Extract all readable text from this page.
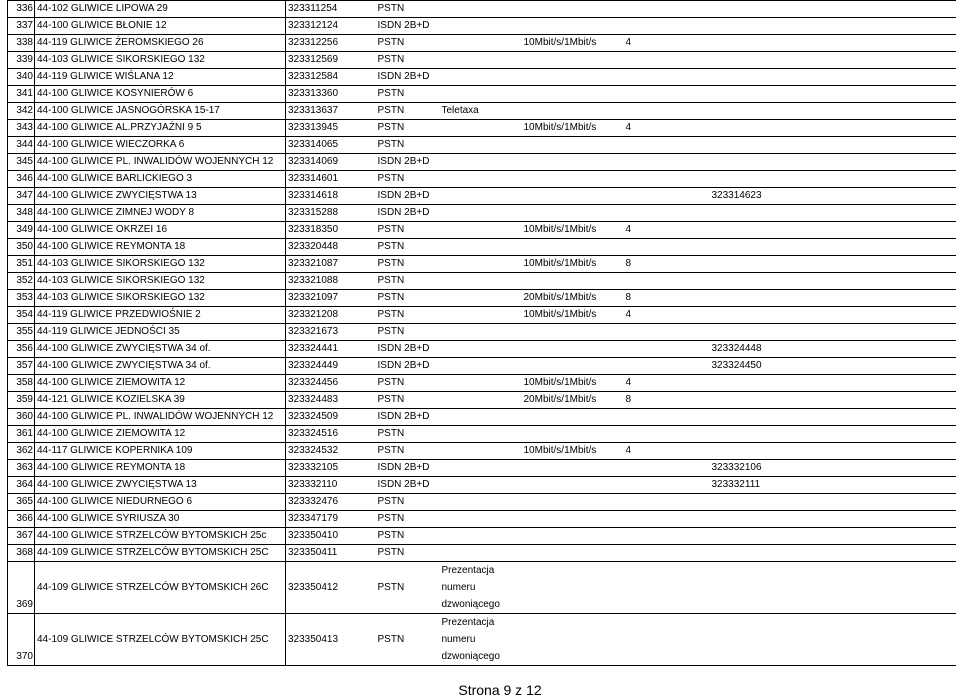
336	44-102 GLIWICE LIPOWA 29	323311254	PSTN				
337	44-100 GLIWICE BŁONIE 12	323312124	ISDN 2B+D				
338	44-119 GLIWICE ŻEROMSKIEGO 26	323312256	PSTN		10Mbit/s/1Mbit/s	4	
339	44-103 GLIWICE SIKORSKIEGO 132	323312569	PSTN				
340	44-119 GLIWICE WIŚLANA 12	323312584	ISDN 2B+D				
341	44-100 GLIWICE KOSYNIERÓW 6	323313360	PSTN				
342	44-100 GLIWICE JASNOGÓRSKA 15-17	323313637	PSTN	Teletaxa			
343	44-100 GLIWICE AL.PRZYJAŹNI 9 5	323313945	PSTN		10Mbit/s/1Mbit/s	4	
344	44-100 GLIWICE WIECZORKA 6	323314065	PSTN				
345	44-100 GLIWICE PL. INWALIDÓW WOJENNYCH 12	323314069	ISDN 2B+D				
346	44-100 GLIWICE BARLICKIEGO 3	323314601	PSTN				
347	44-100 GLIWICE ZWYCIĘSTWA 13	323314618	ISDN 2B+D				323314623
348	44-100 GLIWICE ZIMNEJ WODY 8	323315288	ISDN 2B+D				
349	44-100 GLIWICE OKRZEI 16	323318350	PSTN		10Mbit/s/1Mbit/s	4	
350	44-100 GLIWICE REYMONTA 18	323320448	PSTN				
351	44-103 GLIWICE SIKORSKIEGO 132	323321087	PSTN		10Mbit/s/1Mbit/s	8	
352	44-103 GLIWICE SIKORSKIEGO 132	323321088	PSTN				
353	44-103 GLIWICE SIKORSKIEGO 132	323321097	PSTN		20Mbit/s/1Mbit/s	8	
354	44-119 GLIWICE PRZEDWIOŚNIE 2	323321208	PSTN		10Mbit/s/1Mbit/s	4	
355	44-119 GLIWICE JEDNOŚCI 35	323321673	PSTN				
356	44-100 GLIWICE ZWYCIĘSTWA 34 of.	323324441	ISDN 2B+D				323324448
357	44-100 GLIWICE ZWYCIĘSTWA 34 of.	323324449	ISDN 2B+D				323324450
358	44-100 GLIWICE ZIEMOWITA 12	323324456	PSTN		10Mbit/s/1Mbit/s	4	
359	44-121 GLIWICE KOZIELSKA 39	323324483	PSTN		20Mbit/s/1Mbit/s	8	
360	44-100 GLIWICE PL. INWALIDÓW WOJENNYCH 12	323324509	ISDN 2B+D				
361	44-100 GLIWICE ZIEMOWITA 12	323324516	PSTN				
362	44-117 GLIWICE KOPERNIKA 109	323324532	PSTN		10Mbit/s/1Mbit/s	4	
363	44-100 GLIWICE REYMONTA 18	323332105	ISDN 2B+D				323332106
364	44-100 GLIWICE ZWYCIĘSTWA 13	323332110	ISDN 2B+D				323332111
365	44-100 GLIWICE NIEDURNEGO 6	323332476	PSTN				
366	44-100 GLIWICE SYRIUSZA 30	323347179	PSTN				
367	44-100 GLIWICE STRZELCÓW BYTOMSKICH 25c	323350410	PSTN				
368	44-109 GLIWICE STRZELCÓW BYTOMSKICH 25C	323350411	PSTN				
369	44-109 GLIWICE STRZELCÓW BYTOMSKICH 26C	323350412	PSTN	Prezentacja numeru dzwoniącego			
370	44-109 GLIWICE STRZELCÓW BYTOMSKICH 25C	323350413	PSTN	Prezentacja numeru dzwoniącego			
Strona 9 z 12
